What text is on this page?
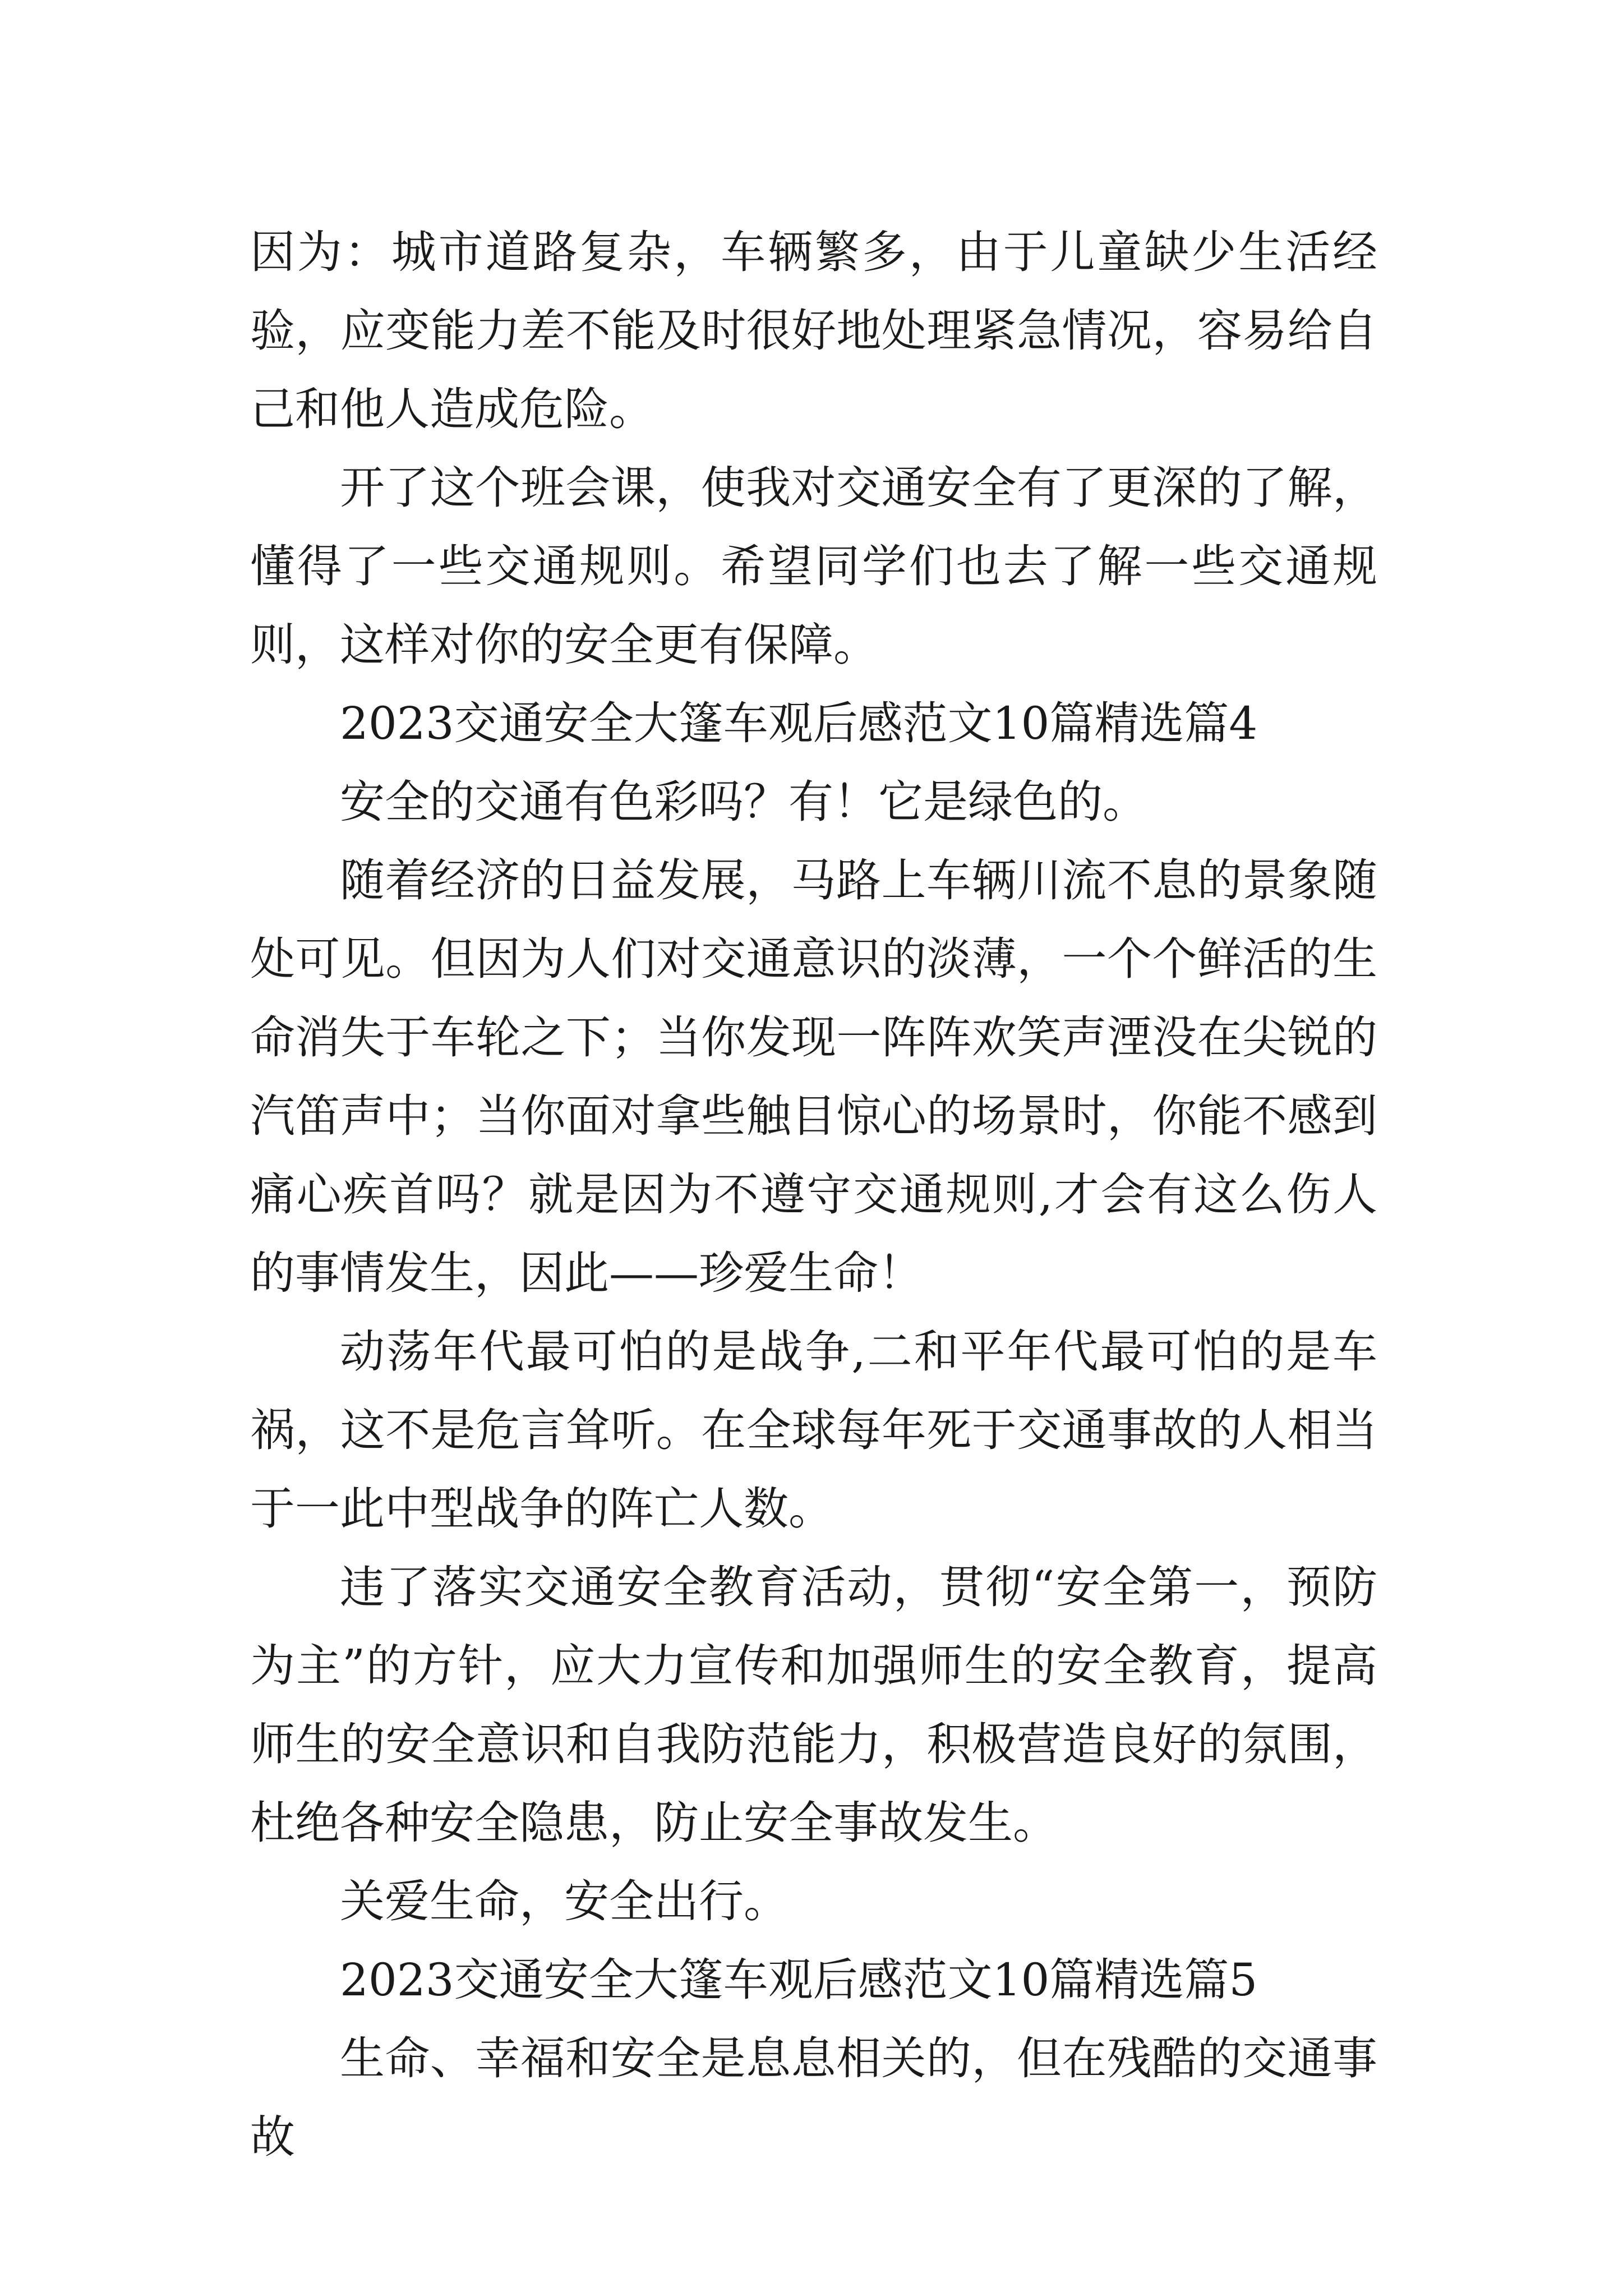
因为：城市道路复杂，车辆繁多，由于儿童缺少生活经验，应变能力差不能及时很好地处理紧急情况，容易给自己和他人造成危险。

开了这个班会课，使我对交通安全有了更深的了解，懂得了一些交通规则。希望同学们也去了解一些交通规则，这样对你的安全更有保障。

2023交通安全大篷车观后感范文10篇精选篇4

安全的交通有色彩吗？有！它是绿色的。

随着经济的日益发展，马路上车辆川流不息的景象随处可见。但因为人们对交通意识的淡薄，一个个鲜活的生命消失于车轮之下；当你发现一阵阵欢笑声湮没在尖锐的汽笛声中；当你面对拿些触目惊心的场景时，你能不感到痛心疾首吗？就是因为不遵守交通规则,才会有这么伤人的事情发生，因此——珍爱生命！

动荡年代最可怕的是战争,二和平年代最可怕的是车祸，这不是危言耸听。在全球每年死于交通事故的人相当于一此中型战争的阵亡人数。

违了落实交通安全教育活动，贯彻“安全第一，预防为主”的方针，应大力宣传和加强师生的安全教育，提高师生的安全意识和自我防范能力，积极营造良好的氛围，杜绝各种安全隐患，防止安全事故发生。

关爱生命，安全出行。

2023交通安全大篷车观后感范文10篇精选篇5

生命、幸福和安全是息息相关的，但在残酷的交通事故
